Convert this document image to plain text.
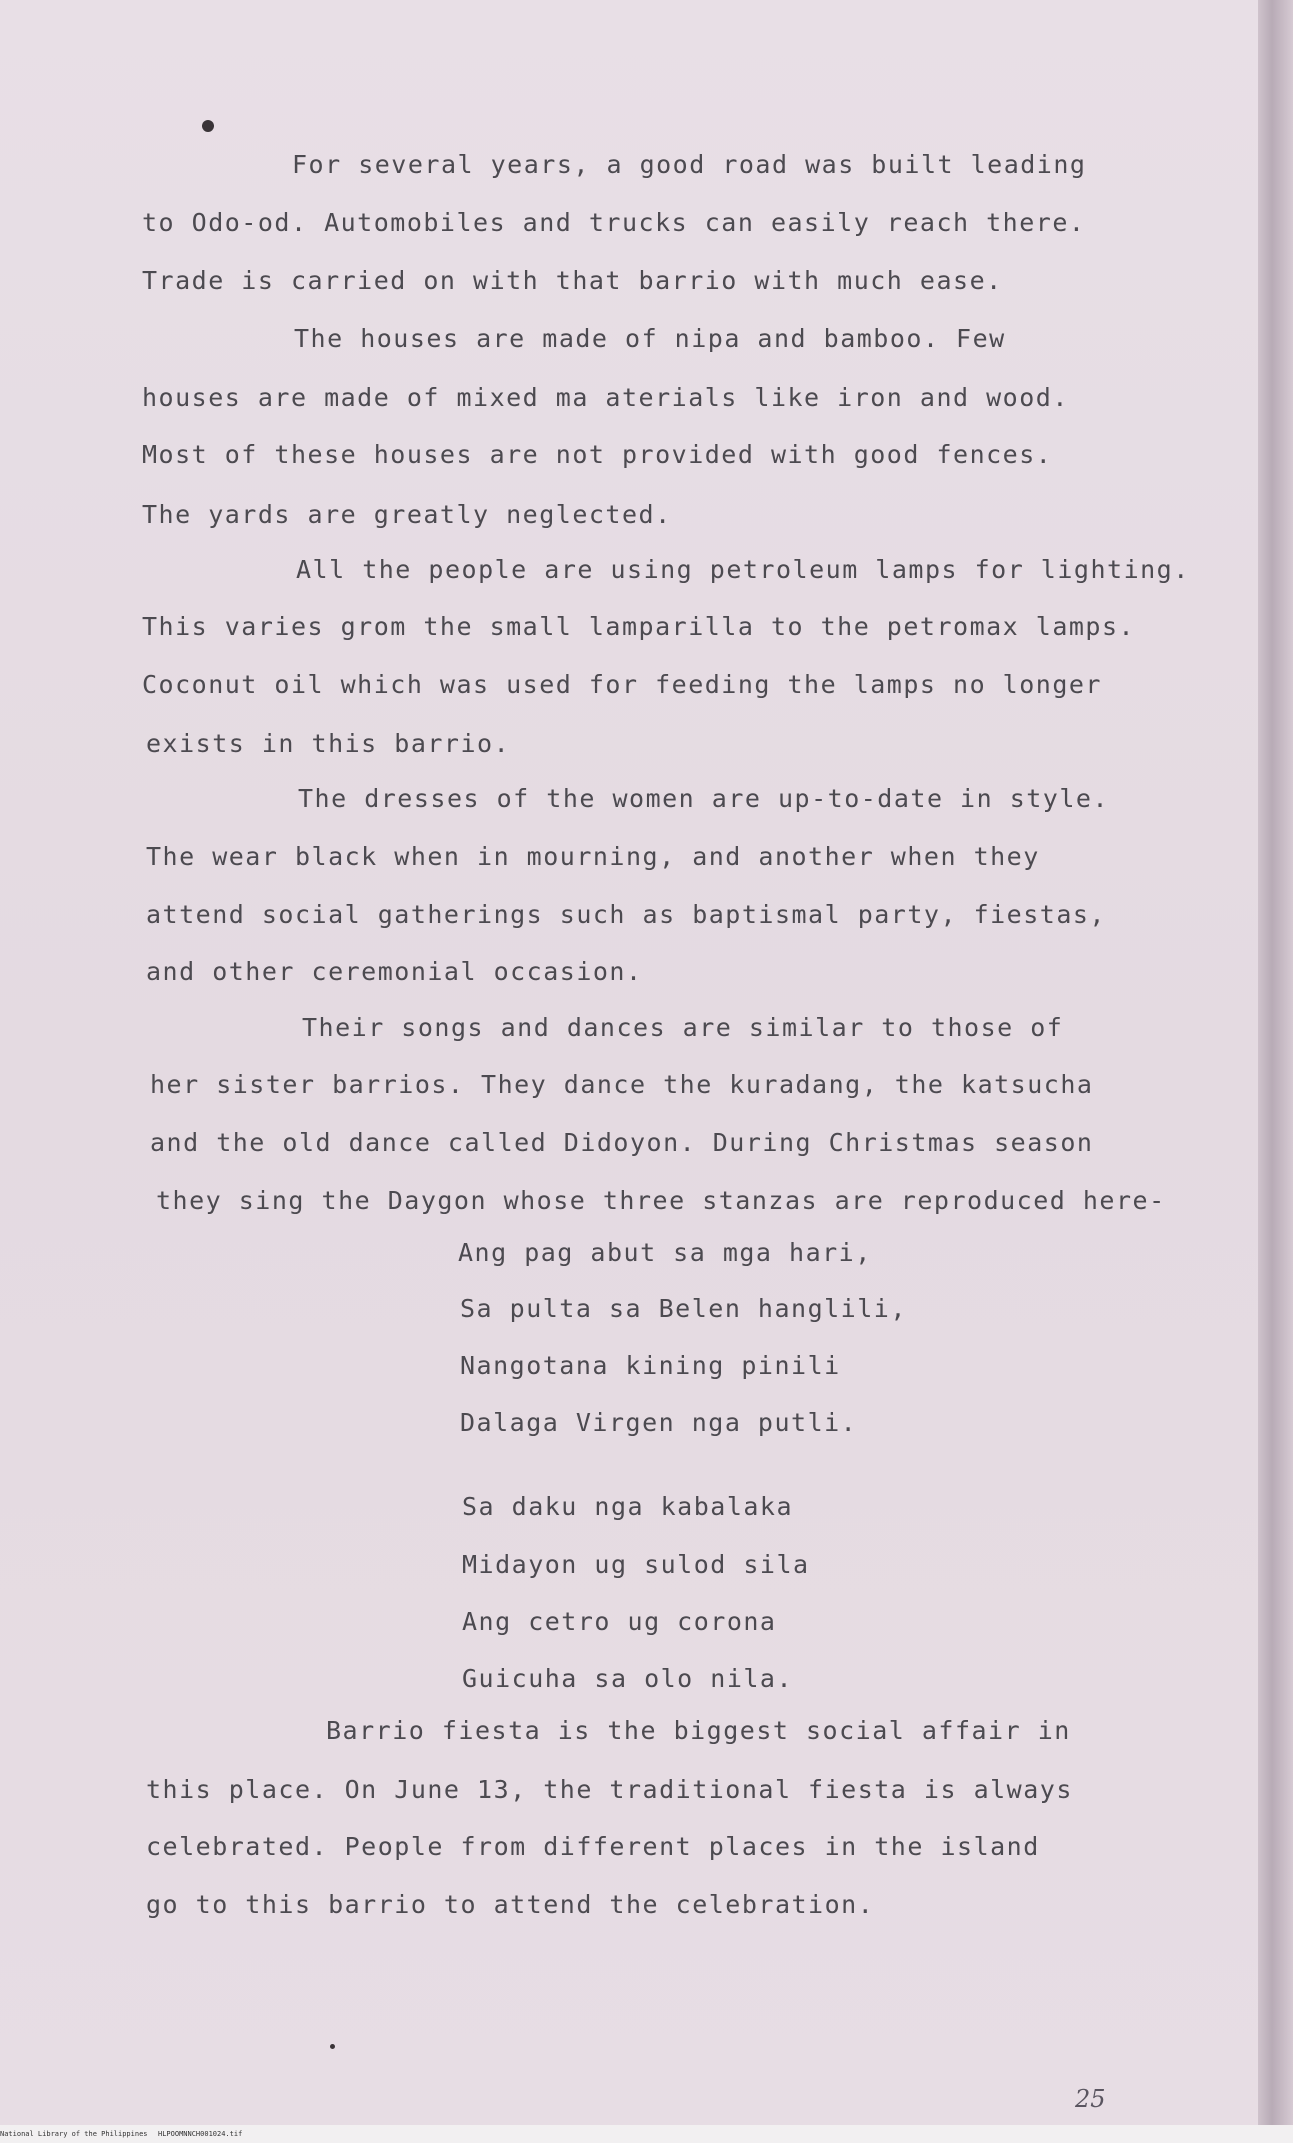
For several years, a good road was built leading
to Odo-od. Automobiles and trucks can easily reach there.
Trade is carried on with that barrio with much ease.
The houses are made of nipa and bamboo. Few
houses are made of mixed ma aterials like iron and wood.
Most of these houses are not provided with good fences.
The yards are greatly neglected.
All the people are using petroleum lamps for lighting.
This varies grom the small lamparilla to the petromax lamps.
Coconut oil which was used for feeding the lamps no longer
exists in this barrio.
The dresses of the women are up-to-date in style.
The wear black when in mourning, and another when they
attend social gatherings such as baptismal party, fiestas,
and other ceremonial occasion.
Their songs and dances are similar to those of
her sister barrios. They dance the kuradang, the katsucha
and the old dance called Didoyon. During Christmas season
they sing the Daygon whose three stanzas are reproduced here-
Ang pag abut sa mga hari,
Sa pulta sa Belen hanglili,
Nangotana kining pinili
Dalaga Virgen nga putli.
Sa daku nga kabalaka
Midayon ug sulod sila
Ang cetro ug corona
Guicuha sa olo nila.
Barrio fiesta is the biggest social affair in
this place. On June 13, the traditional fiesta is always
celebrated. People from different places in the island
go to this barrio to attend the celebration.
25
National Library of the Philippines HLPOOMNNCH001024.tif
